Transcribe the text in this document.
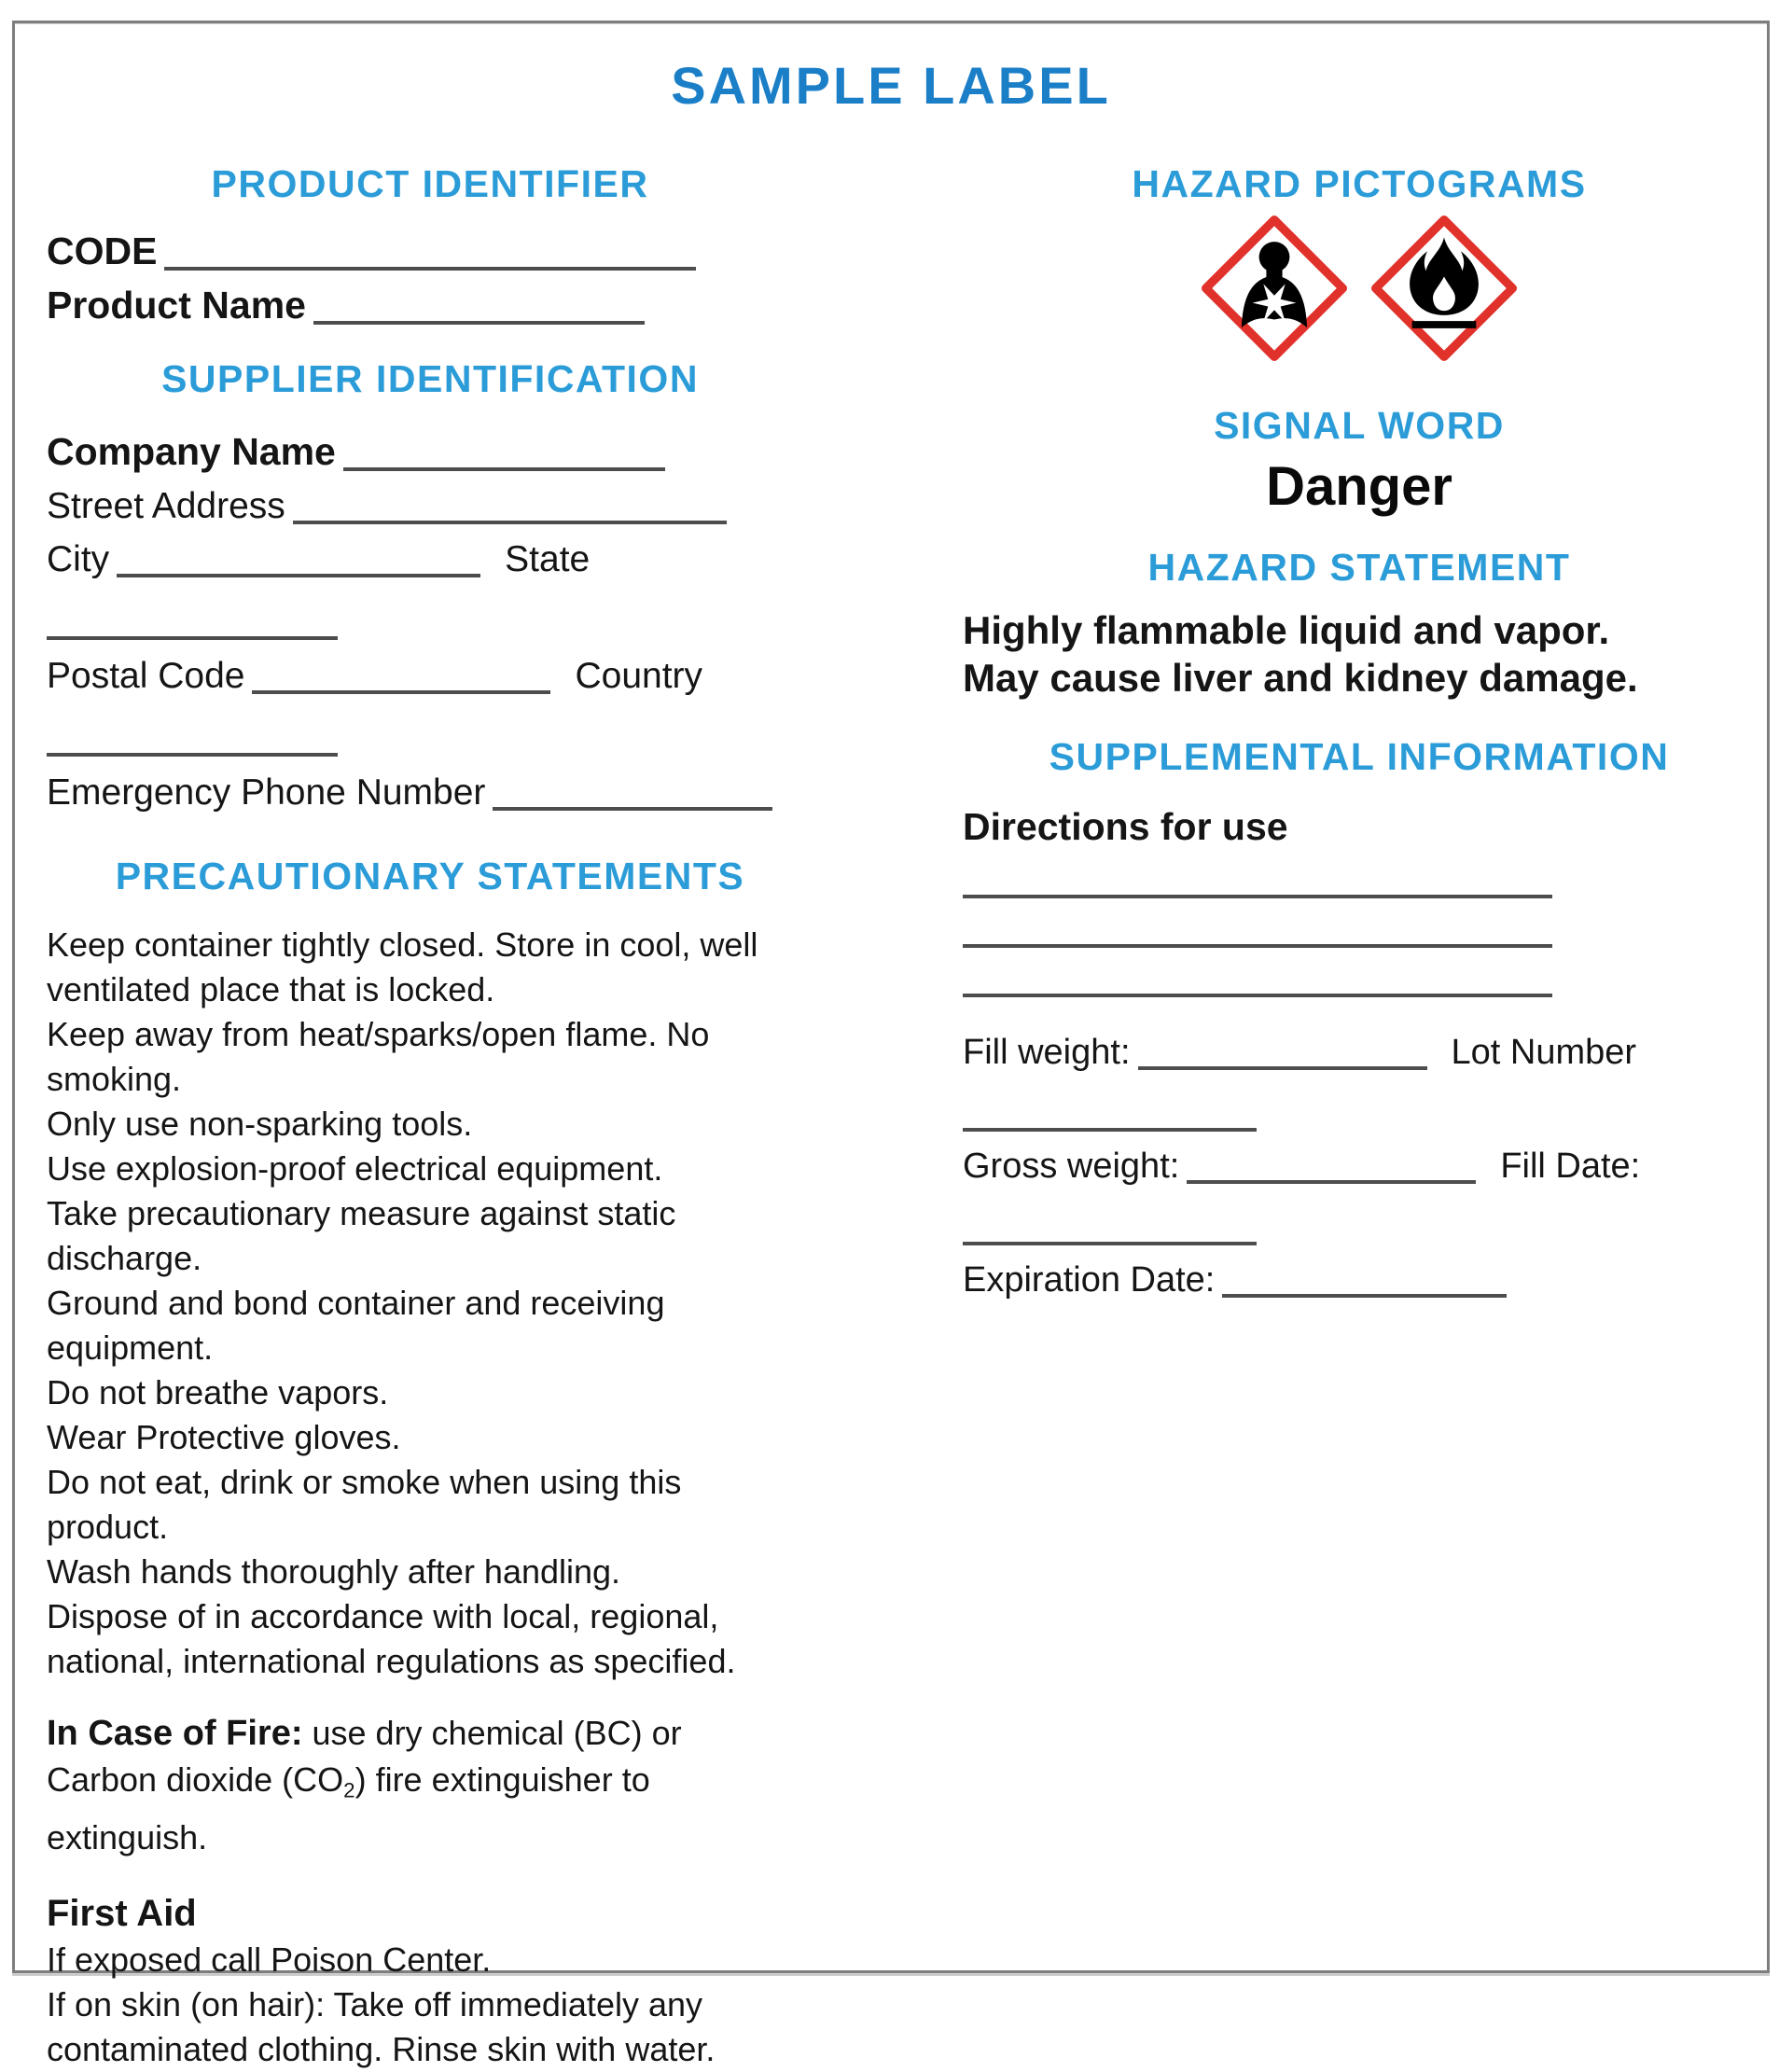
SAMPLE LABEL
PRODUCT IDENTIFIER
CODE
Product Name
SUPPLIER IDENTIFICATION
Company Name
Street Address
City	State
Postal Code	Country
Emergency Phone Number
PRECAUTIONARY STATEMENTS
Keep container tightly closed. Store in cool, well ventilated place that is locked.
Keep away from heat/sparks/open flame. No smoking.
Only use non-sparking tools.
Use explosion-proof electrical equipment.
Take precautionary measure against static discharge.
Ground and bond container and receiving equipment.
Do not breathe vapors.
Wear Protective gloves.
Do not eat, drink or smoke when using this product.
Wash hands thoroughly after handling.
Dispose of in accordance with local, regional, national, international regulations as specified.
In Case of Fire: use dry chemical (BC) or Carbon dioxide $(CO_2)$ fire extinguisher to extinguish.
First Aid
If exposed call Poison Center.
If on skin (on hair): Take off immediately any contaminated clothing. Rinse skin with water.
HAZARD PICTOGRAMS
SIGNAL WORD
Danger
HAZARD STATEMENT
Highly flammable liquid and vapor.
May cause liver and kidney damage.
SUPPLEMENTAL INFORMATION
Directions for use
Fill weight:	Lot Number
Gross weight:	Fill Date:
Expiration Date:
